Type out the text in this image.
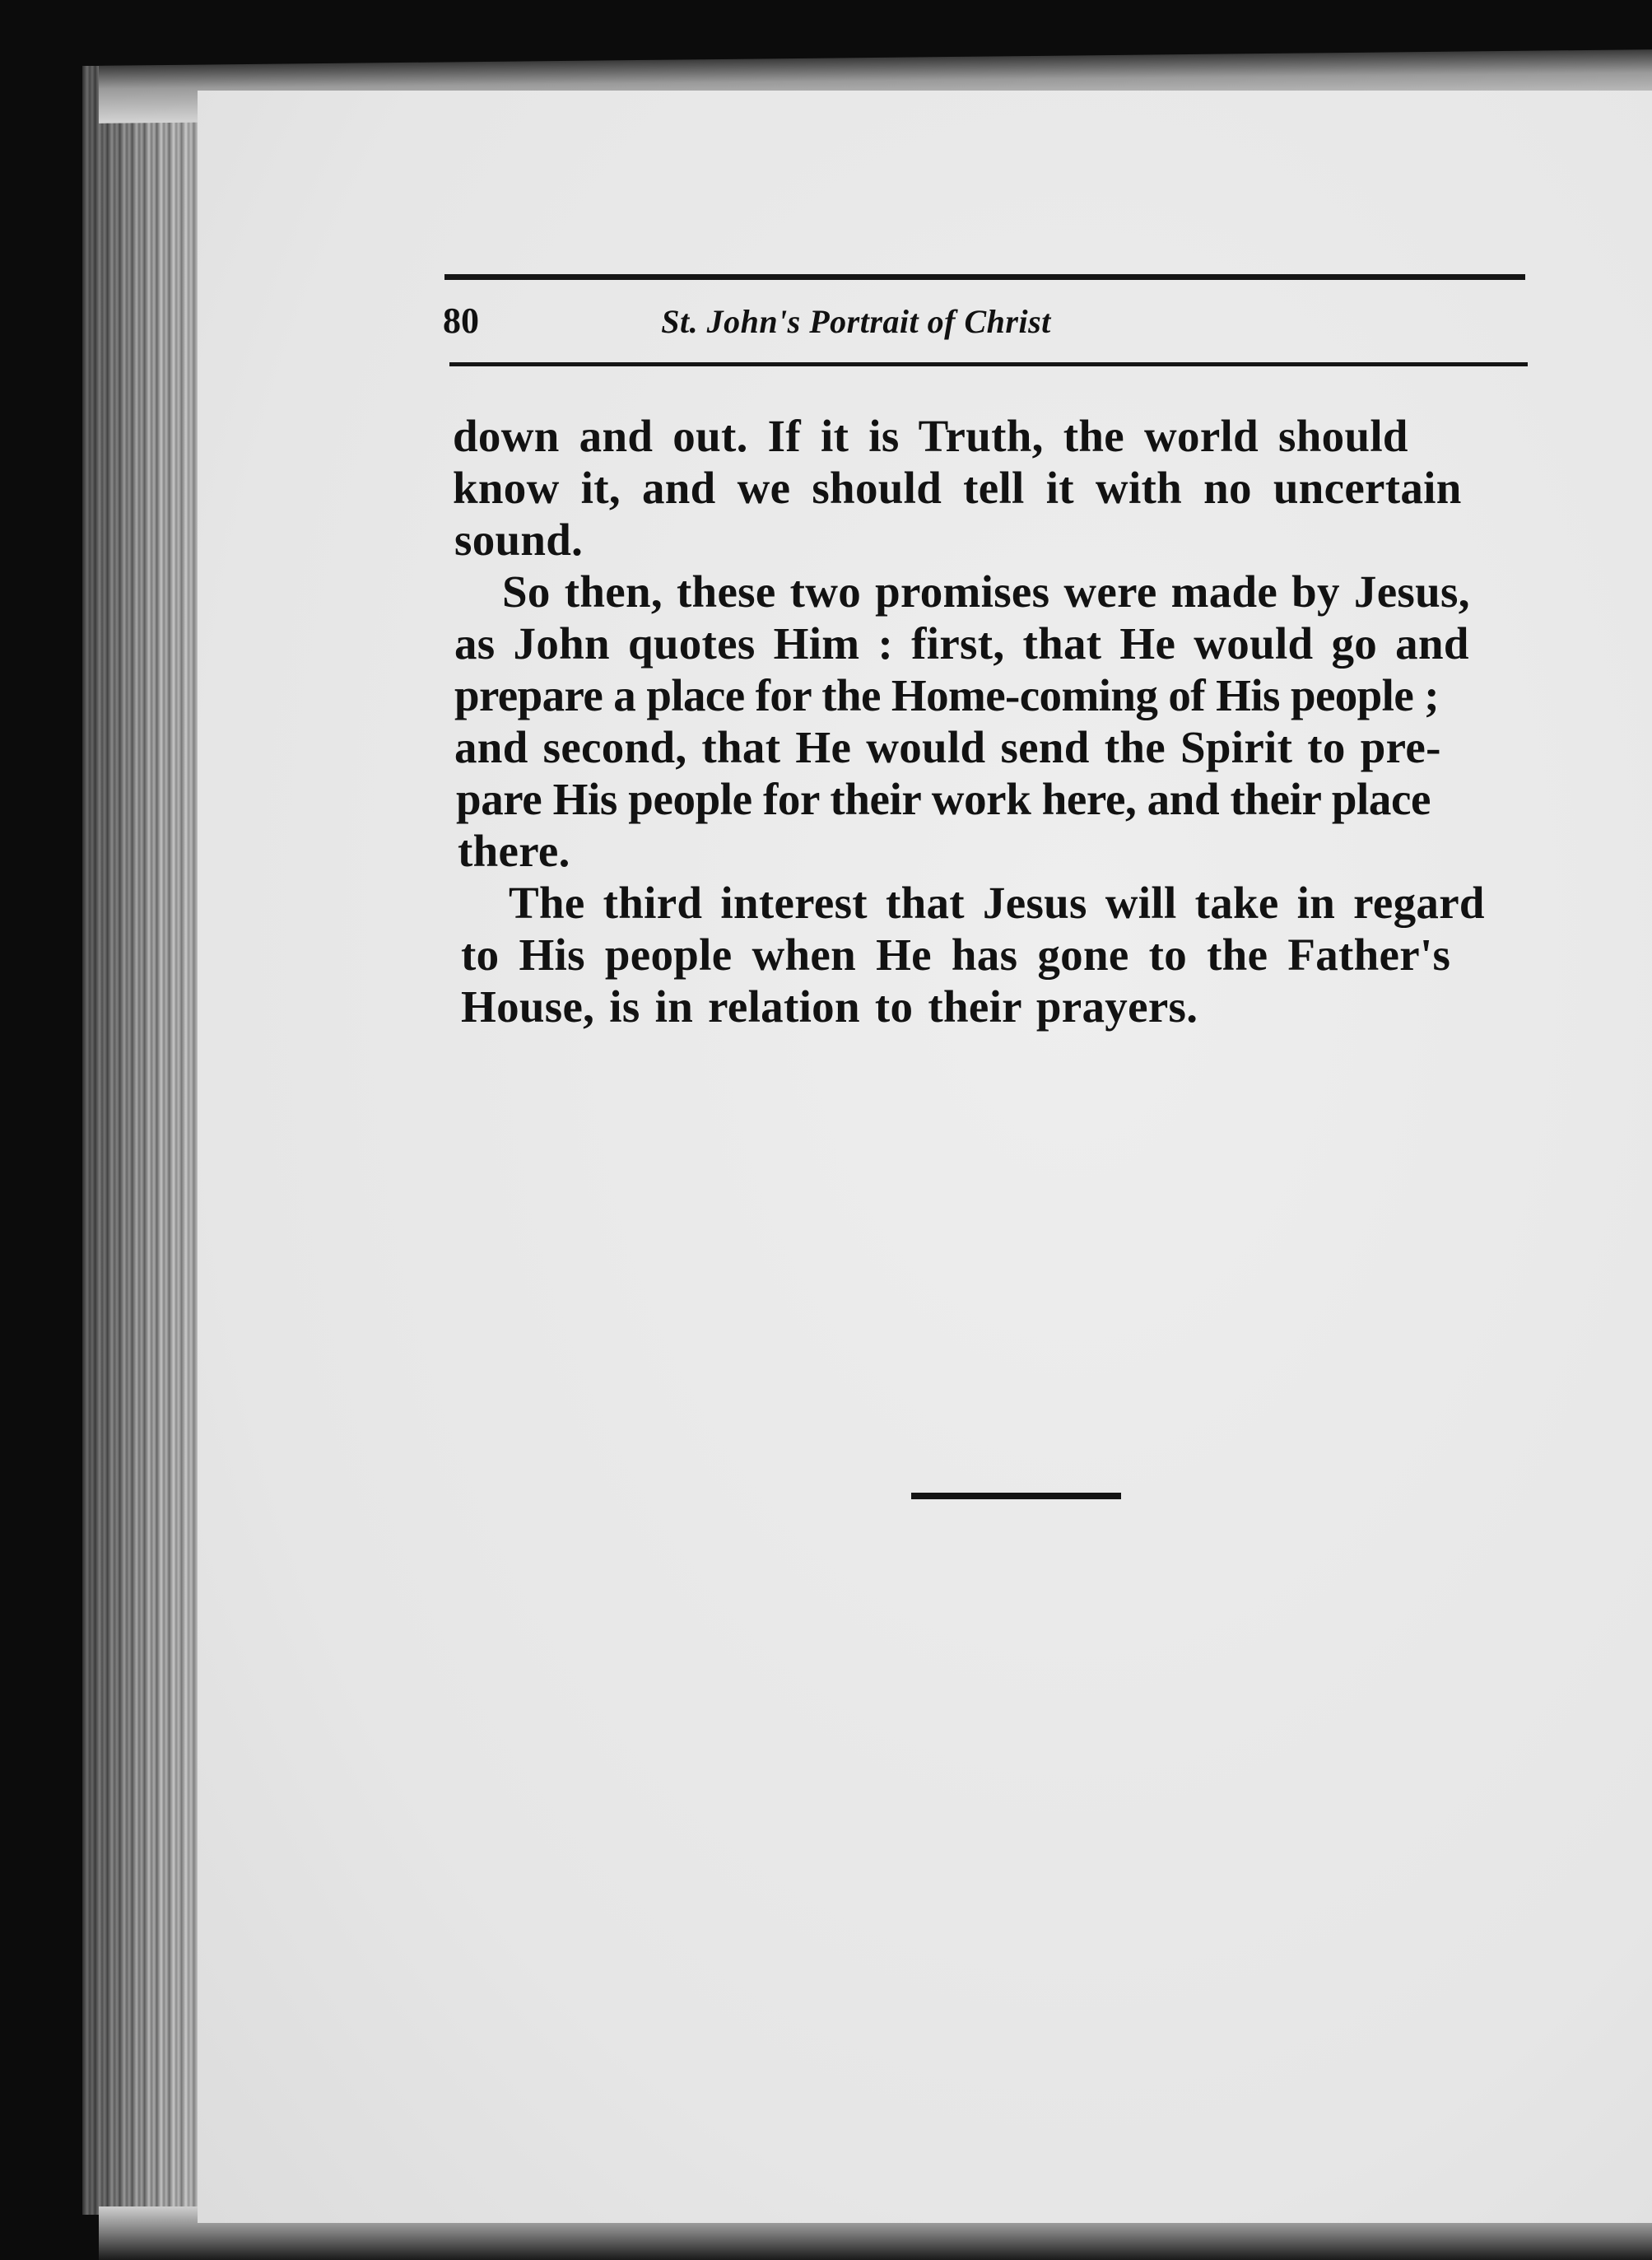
80	St. John's Portrait of Christ
down and out. If it is Truth, the world should
know it, and we should tell it with no uncertain
sound.
So then, these two promises were made by Jesus,
as John quotes Him : first, that He would go and
prepare a place for the Home-coming of His people ;
and second, that He would send the Spirit to pre-
pare His people for their work here, and their place
there.
The third interest that Jesus will take in regard
to His people when He has gone to the Father's
House, is in relation to their prayers.
